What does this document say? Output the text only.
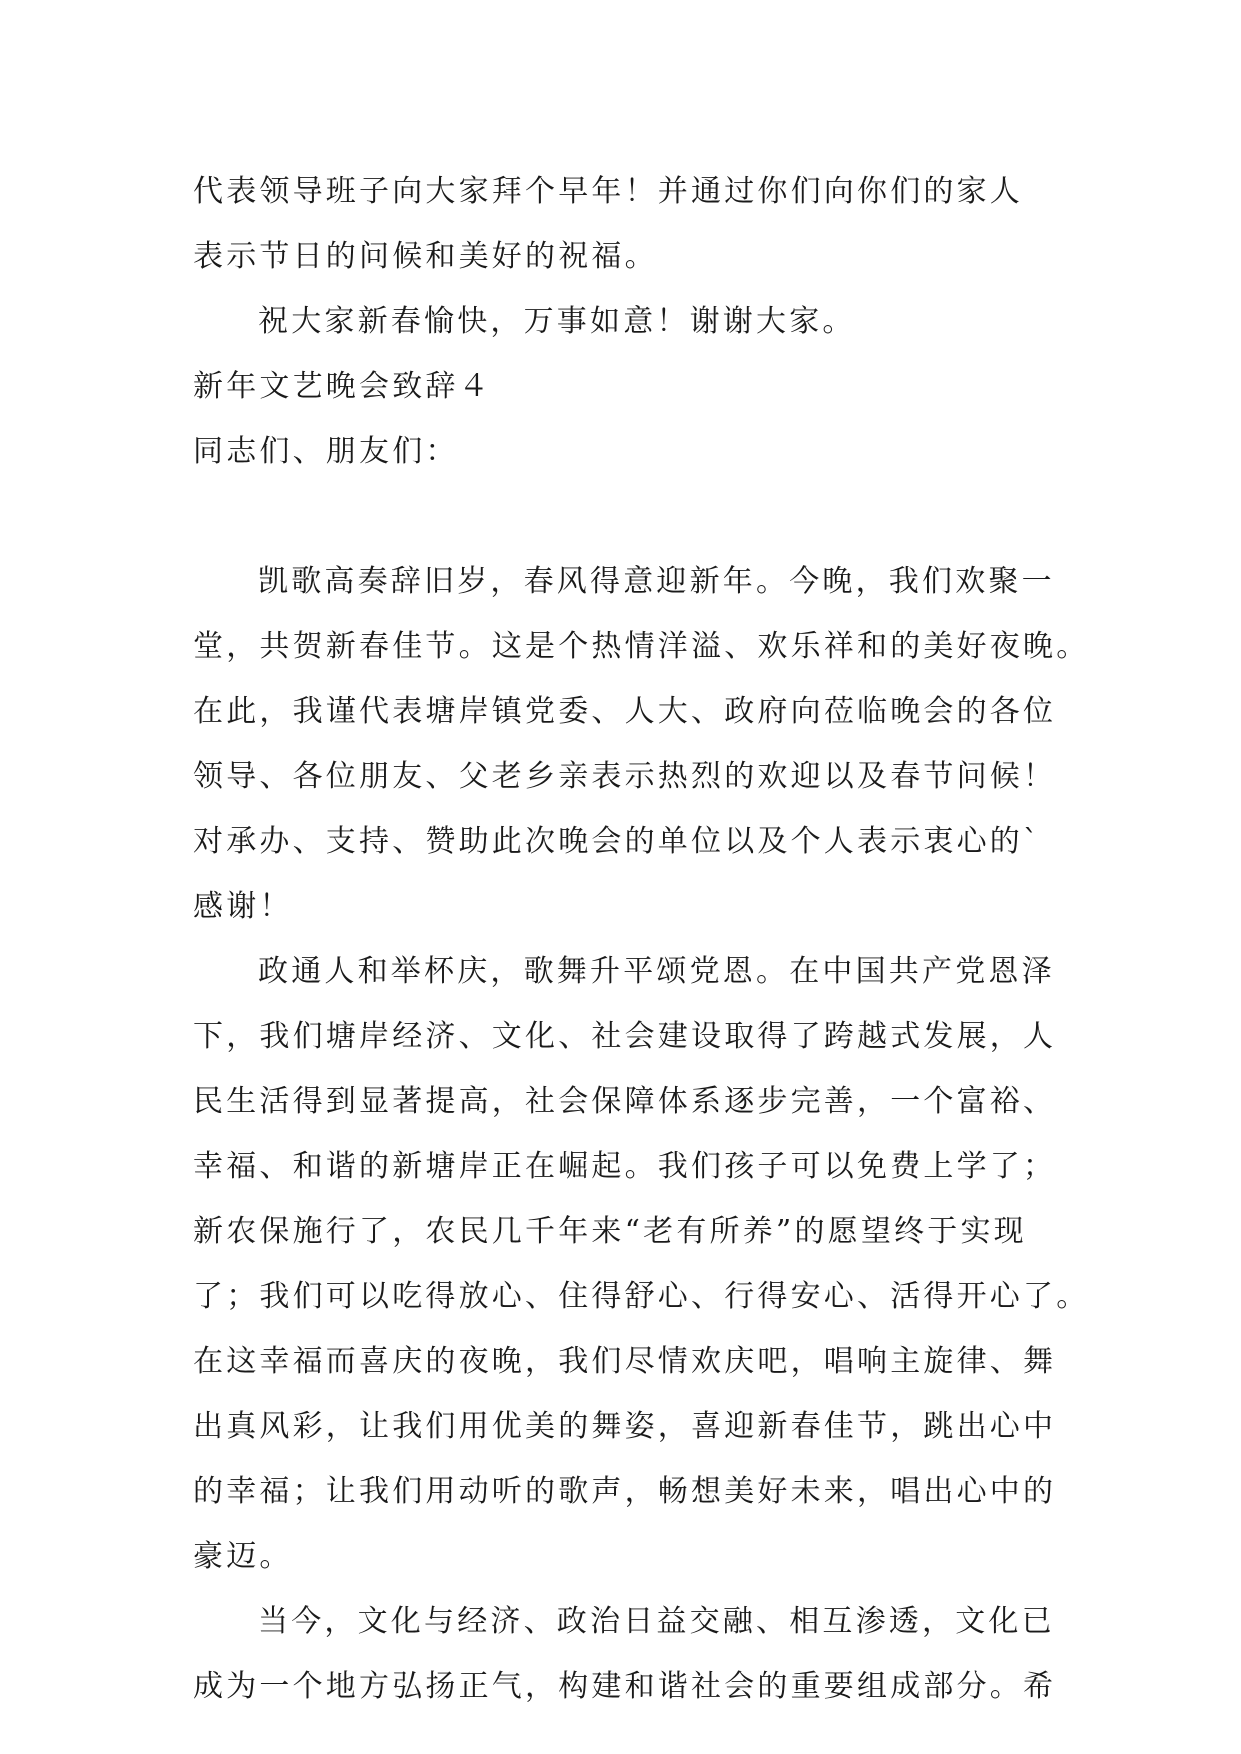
代表领导班子向大家拜个早年！并通过你们向你们的家人
表示节日的问候和美好的祝福。
祝大家新春愉快，万事如意！谢谢大家。
新年文艺晚会致辞４
同志们、朋友们：
凯歌高奏辞旧岁，春风得意迎新年。今晚，我们欢聚一
堂，共贺新春佳节。这是个热情洋溢、欢乐祥和的美好夜晚。
在此，我谨代表塘岸镇党委、人大、政府向莅临晚会的各位
领导、各位朋友、父老乡亲表示热烈的欢迎以及春节问候！
对承办、支持、赞助此次晚会的单位以及个人表示衷心的`
感谢！
政通人和举杯庆，歌舞升平颂党恩。在中国共产党恩泽
下，我们塘岸经济、文化、社会建设取得了跨越式发展，人
民生活得到显著提高，社会保障体系逐步完善，一个富裕、
幸福、和谐的新塘岸正在崛起。我们孩子可以免费上学了；
新农保施行了，农民几千年来“老有所养”的愿望终于实现
了；我们可以吃得放心、住得舒心、行得安心、活得开心了。
在这幸福而喜庆的夜晚，我们尽情欢庆吧，唱响主旋律、舞
出真风彩，让我们用优美的舞姿，喜迎新春佳节，跳出心中
的幸福；让我们用动听的歌声，畅想美好未来，唱出心中的
豪迈。
当今，文化与经济、政治日益交融、相互渗透，文化已
成为一个地方弘扬正气，构建和谐社会的重要组成部分。希
